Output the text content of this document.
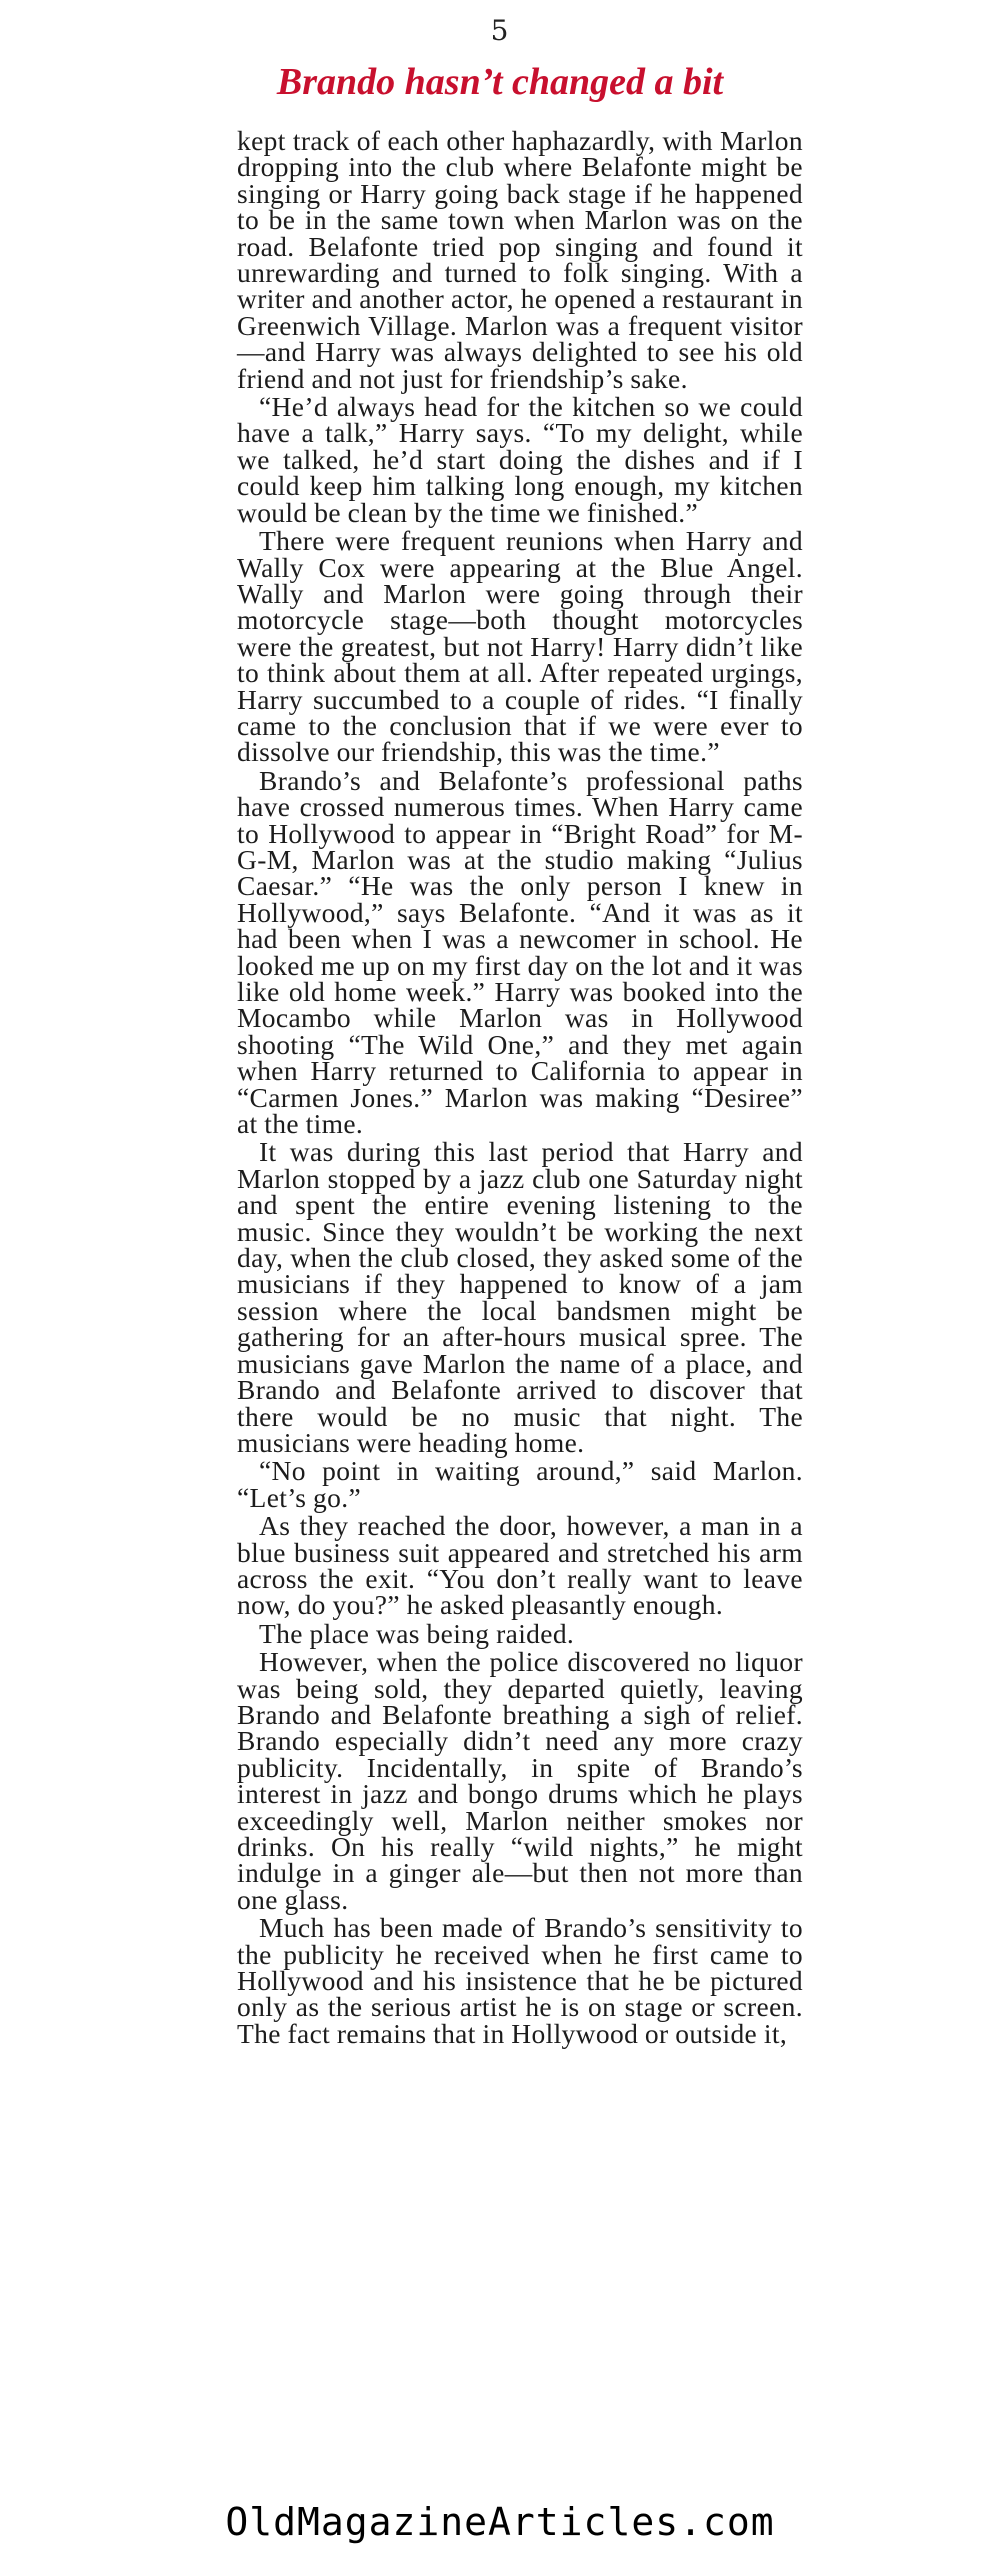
5
Brando hasn’t changed a bit

kept track of each other haphazardly, with Marlon dropping into the club where Belafonte might be singing or Harry going back stage if he happened to be in the same town when Marlon was on the road. Belafonte tried pop singing and found it unrewarding and turned to folk singing. With a writer and another actor, he opened a restaurant in Greenwich Village. Marlon was a frequent visitor—and Harry was always delighted to see his old friend and not just for friendship’s sake.

“He’d always head for the kitchen so we could have a talk,” Harry says. “To my delight, while we talked, he’d start doing the dishes and if I could keep him talking long enough, my kitchen would be clean by the time we finished.”

There were frequent reunions when Harry and Wally Cox were appearing at the Blue Angel. Wally and Marlon were going through their motorcycle stage—both thought motorcycles were the greatest, but not Harry! Harry didn’t like to think about them at all. After repeated urgings, Harry succumbed to a couple of rides. “I finally came to the conclusion that if we were ever to dissolve our friendship, this was the time.”

Brando’s and Belafonte’s professional paths have crossed numerous times. When Harry came to Hollywood to appear in “Bright Road” for M-G-M, Marlon was at the studio making “Julius Caesar.” “He was the only person I knew in Hollywood,” says Belafonte. “And it was as it had been when I was a newcomer in school. He looked me up on my first day on the lot and it was like old home week.” Harry was booked into the Mocambo while Marlon was in Hollywood shooting “The Wild One,” and they met again when Harry returned to California to appear in “Carmen Jones.” Marlon was making “Desiree” at the time.

It was during this last period that Harry and Marlon stopped by a jazz club one Saturday night and spent the entire evening listening to the music. Since they wouldn’t be working the next day, when the club closed, they asked some of the musicians if they happened to know of a jam session where the local bandsmen might be gathering for an after-hours musical spree. The musicians gave Marlon the name of a place, and Brando and Belafonte arrived to discover that there would be no music that night. The musicians were heading home.

“No point in waiting around,” said Marlon. “Let’s go.”

As they reached the door, however, a man in a blue business suit appeared and stretched his arm across the exit. “You don’t really want to leave now, do you?” he asked pleasantly enough.

The place was being raided.

However, when the police discovered no liquor was being sold, they departed quietly, leaving Brando and Belafonte breathing a sigh of relief. Brando especially didn’t need any more crazy publicity. Incidentally, in spite of Brando’s interest in jazz and bongo drums which he plays exceedingly well, Marlon neither smokes nor drinks. On his really “wild nights,” he might indulge in a ginger ale—but then not more than one glass.

Much has been made of Brando’s sensitivity to the publicity he received when he first came to Hollywood and his insistence that he be pictured only as the serious artist he is on stage or screen. The fact remains that in Hollywood or outside it,

OldMagazineArticles.com
